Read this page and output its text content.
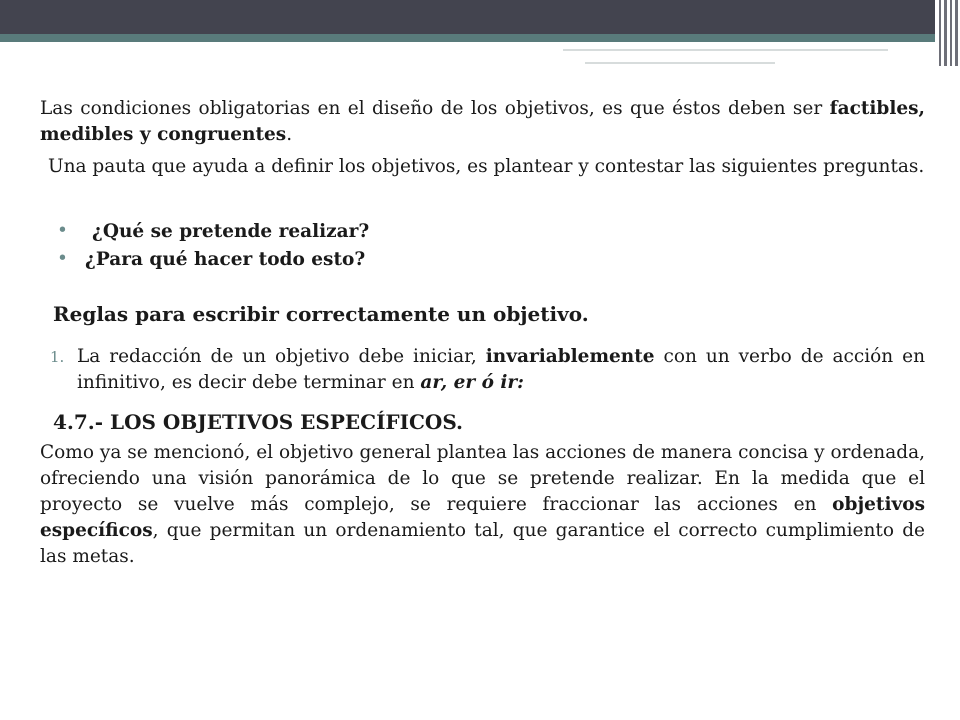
Las condiciones obligatorias en el diseño de los objetivos, es que éstos deben ser factibles, medibles y congruentes.

Una pauta que ayuda a definir los objetivos, es plantear y contestar las siguientes preguntas.

• ¿Qué se pretende realizar?
• ¿Para qué hacer todo esto?

Reglas para escribir correctamente un objetivo.

1. La redacción de un objetivo debe iniciar, invariablemente con un verbo de acción en infinitivo, es decir debe terminar en ar, er ó ir:

4.7.- LOS OBJETIVOS ESPECÍFICOS.

Como ya se mencionó, el objetivo general plantea las acciones de manera concisa y ordenada, ofreciendo una visión panorámica de lo que se pretende realizar. En la medida que el proyecto se vuelve más complejo, se requiere fraccionar las acciones en objetivos específicos, que permitan un ordenamiento tal, que garantice el correcto cumplimiento de las metas.
